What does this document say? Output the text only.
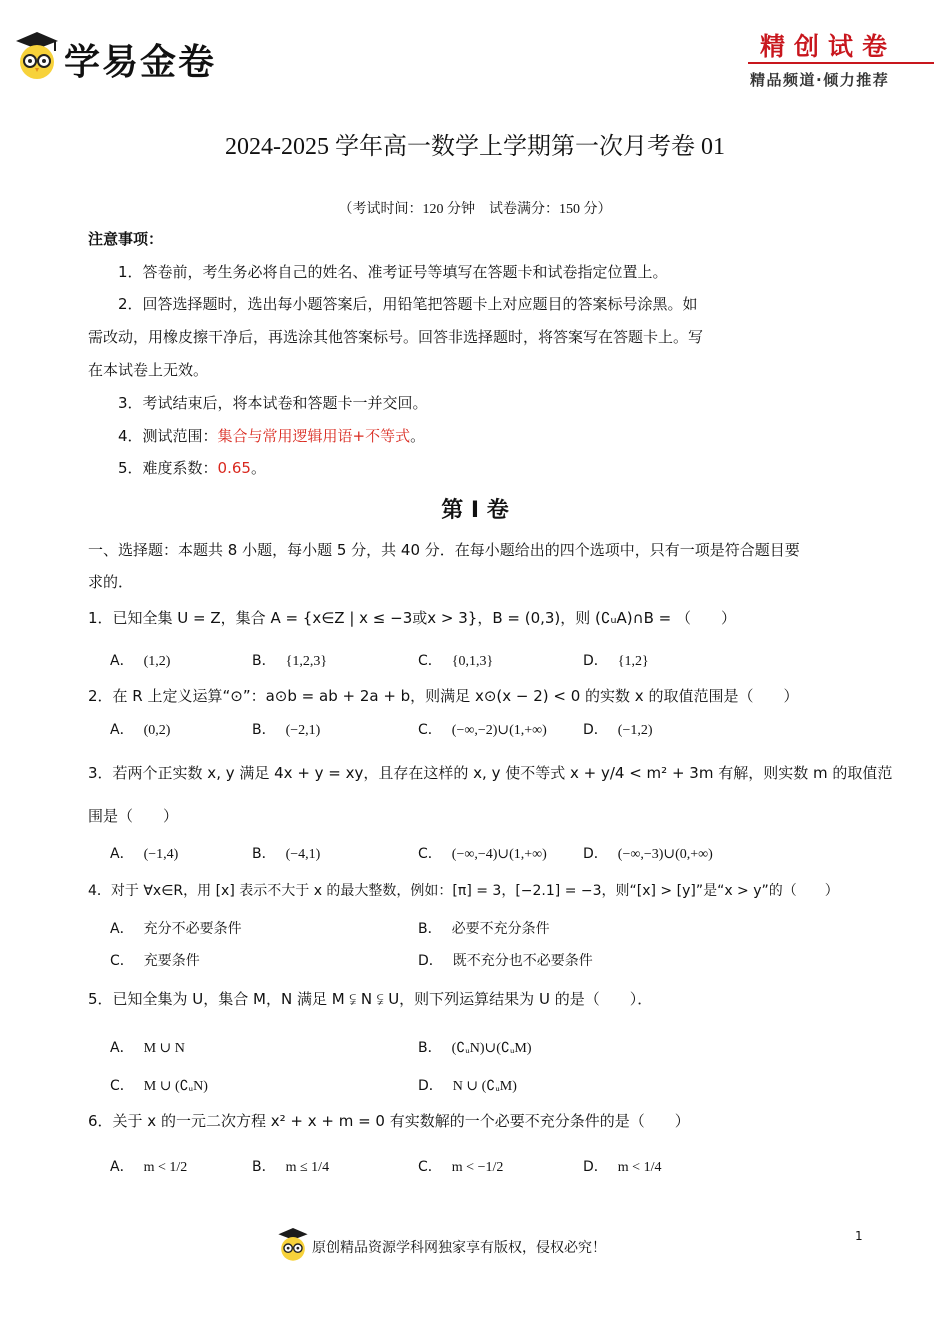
学易金卷	精创试卷
精品频道·倾力推荐
2024-2025 学年高一数学上学期第一次月考卷 01
（考试时间：120 分钟　试卷满分：150 分）
注意事项：
1．答卷前，考生务必将自己的姓名、准考证号等填写在答题卡和试卷指定位置上。
2．回答选择题时，选出每小题答案后，用铅笔把答题卡上对应题目的答案标号涂黑。如
需改动，用橡皮擦干净后，再选涂其他答案标号。回答非选择题时，将答案写在答题卡上。写
在本试卷上无效。
3．考试结束后，将本试卷和答题卡一并交回。
4．测试范围：集合与常用逻辑用语+不等式。
5．难度系数：0.65。
第 Ⅰ 卷
一、选择题：本题共 8 小题，每小题 5 分，共 40 分．在每小题给出的四个选项中，只有一项是符合题目要
求的．
1．已知全集 U = Z，集合 A = {x∈Z | x ≤ −3或x > 3}，B = (0,3)，则 (∁ᵤA)∩B = （　　）
A． (1,2)	B． {1,2,3}	C． {0,1,3}	D． {1,2}
2．在 R 上定义运算“⊙”：a⊙b = ab + 2a + b，则满足 x⊙(x − 2) < 0 的实数 x 的取值范围是（　　）
A． (0,2)	B． (−2,1)	C． (−∞,−2)∪(1,+∞)	D． (−1,2)
3．若两个正实数 x, y 满足 4x + y = xy，且存在这样的 x, y 使不等式 x + y/4 < m² + 3m 有解，则实数 m 的取值范
围是（　　）
A． (−1,4)	B． (−4,1)	C． (−∞,−4)∪(1,+∞)	D． (−∞,−3)∪(0,+∞)
4．对于 ∀x∈R，用 [x] 表示不大于 x 的最大整数，例如：[π] = 3，[−2.1] = −3，则“[x] > [y]”是“x > y”的（　　）
A． 充分不必要条件	B． 必要不充分条件
C． 充要条件	D． 既不充分也不必要条件
5．已知全集为 U，集合 M，N 满足 M ⫋ N ⫋ U，则下列运算结果为 U 的是（　　）．
A． M ∪ N	B． (∁ᵤN)∪(∁ᵤM)
C． M ∪ (∁ᵤN)	D． N ∪ (∁ᵤM)
6．关于 x 的一元二次方程 x² + x + m = 0 有实数解的一个必要不充分条件的是（　　）
A． m < 1/2	B． m ≤ 1/4	C． m < −1/2	D． m < 1/4
原创精品资源学科网独家享有版权，侵权必究！
1
